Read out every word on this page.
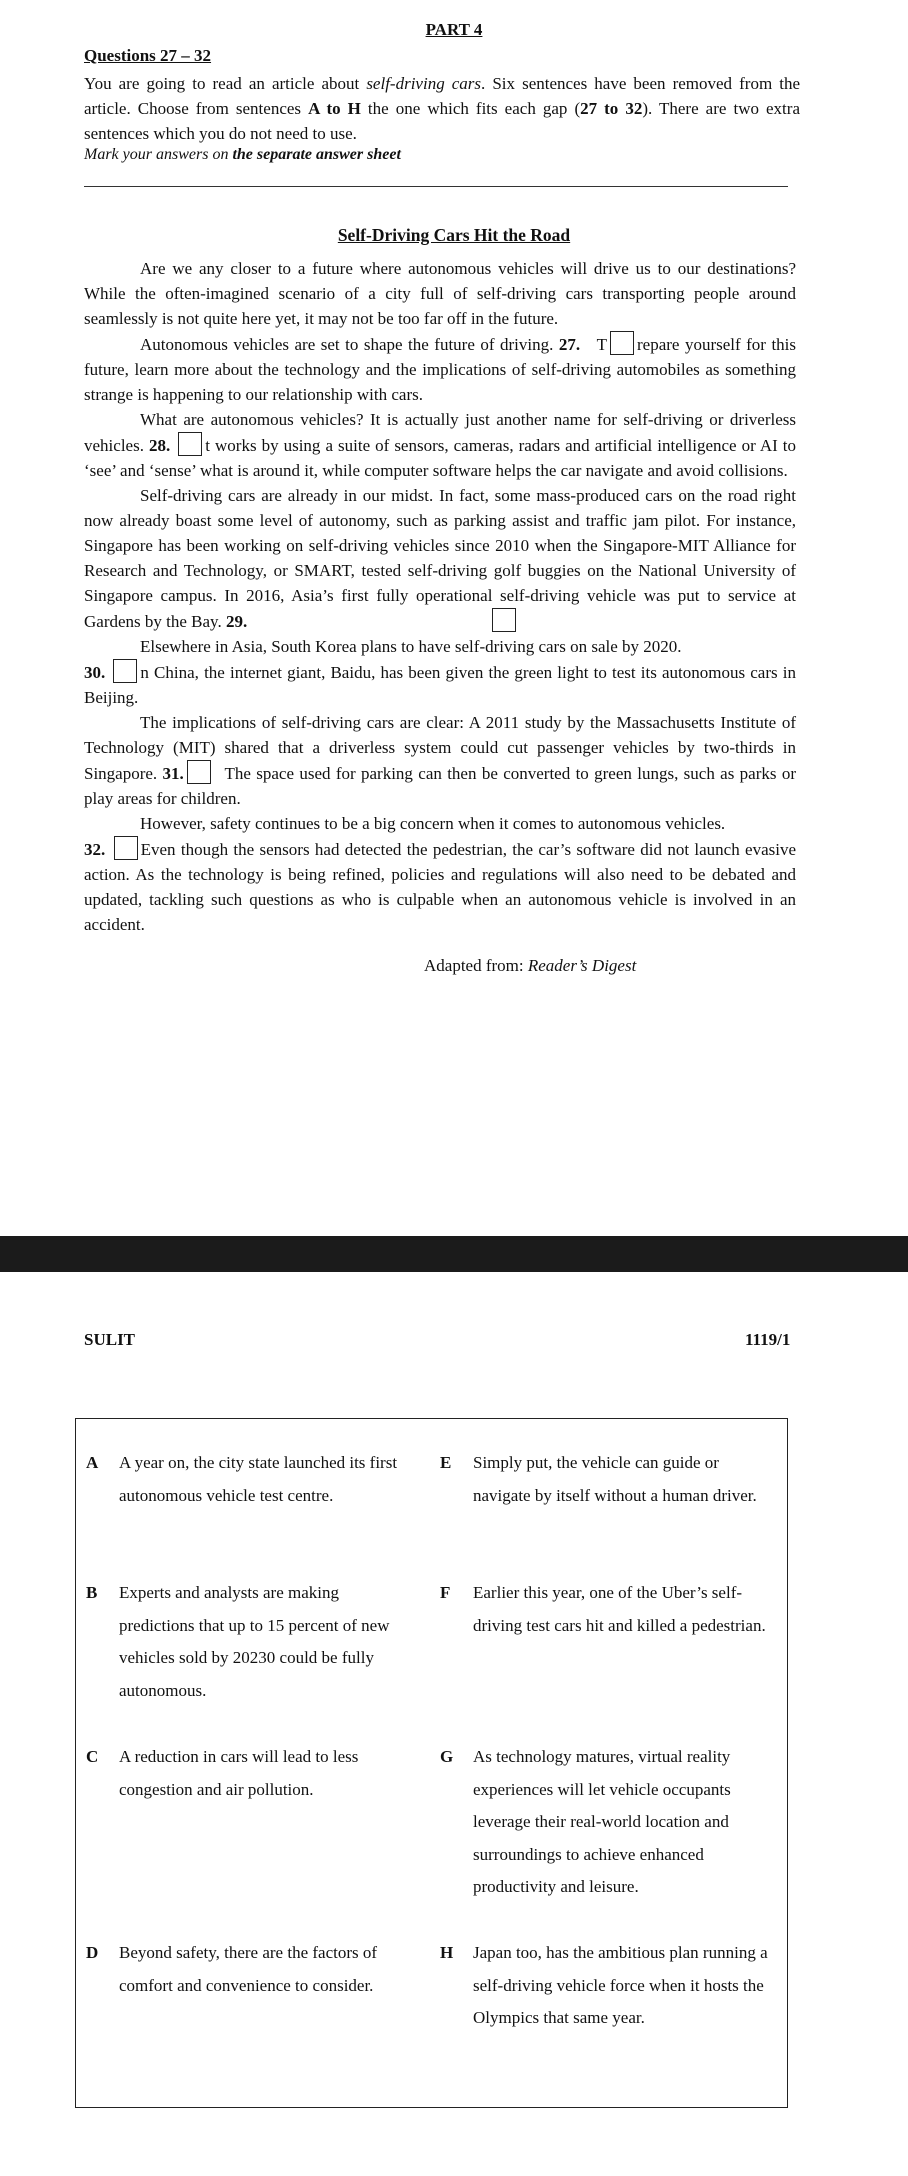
PART 4
Questions 27 – 32
You are going to read an article about self-driving cars. Six sentences have been removed from the article. Choose from sentences A to H the one which fits each gap (27 to 32). There are two extra sentences which you do not need to use.
Mark your answers on the separate answer sheet
Self-Driving Cars Hit the Road

Are we any closer to a future where autonomous vehicles will drive us to our destinations? While the often-imagined scenario of a city full of self-driving cars transporting people around seamlessly is not quite here yet, it may not be too far off in the future.

Autonomous vehicles are set to shape the future of driving. 27. T repare yourself for this future, learn more about the technology and the implications of self-driving automobiles as something strange is happening to our relationship with cars.

What are autonomous vehicles? It is actually just another name for self-driving or driverless vehicles. 28. t works by using a suite of sensors, cameras, radars and artificial intelligence or AI to ‘see’ and ‘sense’ what is around it, while computer software helps the car navigate and avoid collisions.

Self-driving cars are already in our midst. In fact, some mass-produced cars on the road right now already boast some level of autonomy, such as parking assist and traffic jam pilot. For instance, Singapore has been working on self-driving vehicles since 2010 when the Singapore-MIT Alliance for Research and Technology, or SMART, tested self-driving golf buggies on the National University of Singapore campus. In 2016, Asia’s first fully operational self-driving vehicle was put to service at Gardens by the Bay. 29.

Elsewhere in Asia, South Korea plans to have self-driving cars on sale by 2020.

30. n China, the internet giant, Baidu, has been given the green light to test its autonomous cars in Beijing.

The implications of self-driving cars are clear: A 2011 study by the Massachusetts Institute of Technology (MIT) shared that a driverless system could cut passenger vehicles by two-thirds in Singapore. 31. The space used for parking can then be converted to green lungs, such as parks or play areas for children.

However, safety continues to be a big concern when it comes to autonomous vehicles.

32. Even though the sensors had detected the pedestrian, the car’s software did not launch evasive action. As the technology is being refined, policies and regulations will also need to be debated and updated, tackling such questions as who is culpable when an autonomous vehicle is involved in an accident.

Adapted from: Reader’s Digest
SULIT	1119/1
A A year on, the city state launched its first autonomous vehicle test centre.
B Experts and analysts are making predictions that up to 15 percent of new vehicles sold by 20230 could be fully autonomous.
C A reduction in cars will lead to less congestion and air pollution.
D Beyond safety, there are the factors of comfort and convenience to consider.
E Simply put, the vehicle can guide or navigate by itself without a human driver.
F Earlier this year, one of the Uber’s self-driving test cars hit and killed a pedestrian.
G As technology matures, virtual reality experiences will let vehicle occupants leverage their real-world location and surroundings to achieve enhanced productivity and leisure.
H Japan too, has the ambitious plan running a self-driving vehicle force when it hosts the Olympics that same year.
